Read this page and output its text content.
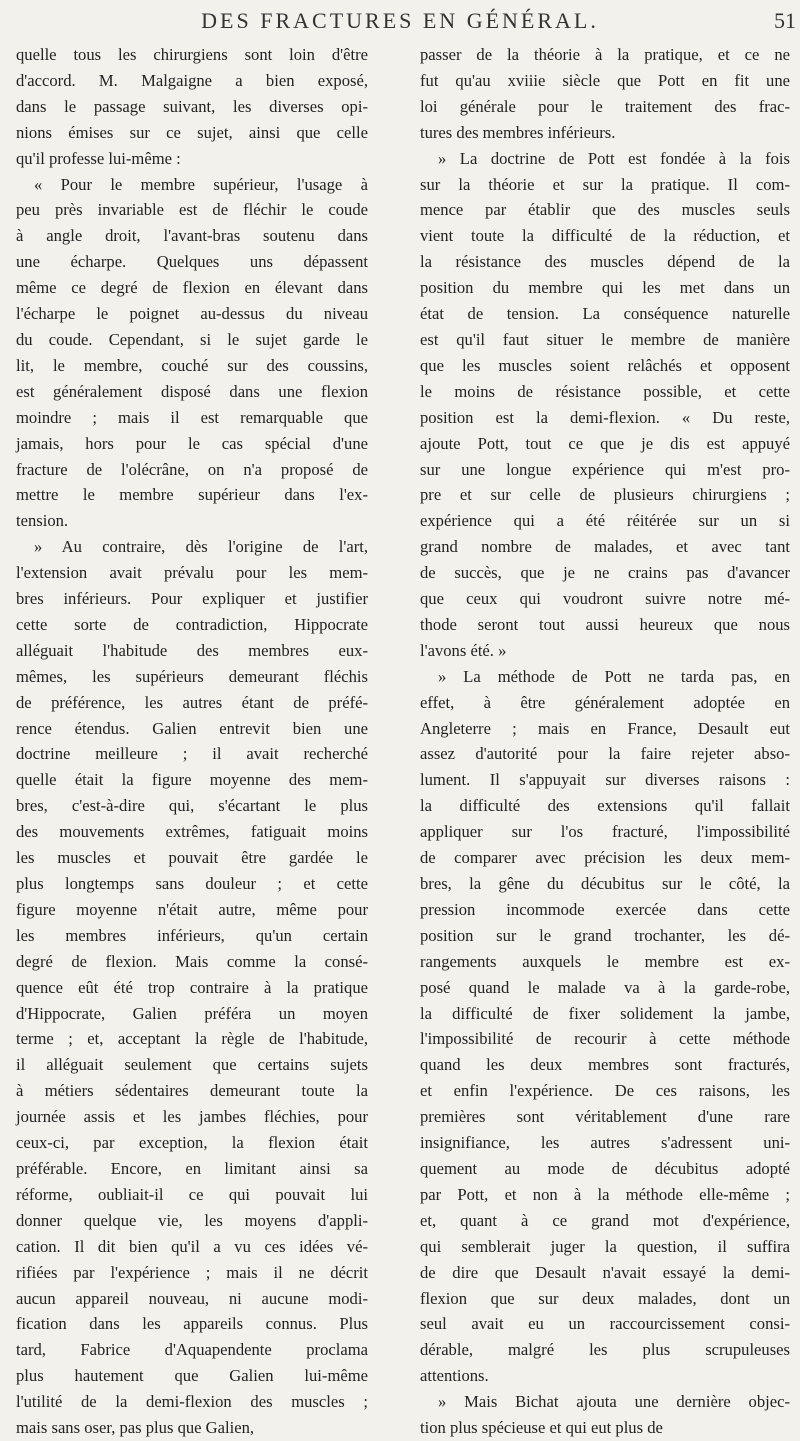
DES FRACTURES EN GÉNÉRAL.	51

quelle tous les chirurgiens sont loin d'être
d'accord. M. Malgaigne a bien exposé,
dans le passage suivant, les diverses opi-
nions émises sur ce sujet, ainsi que celle
qu'il professe lui-même :

« Pour le membre supérieur, l'usage à
peu près invariable est de fléchir le coude
à angle droit, l'avant-bras soutenu dans
une écharpe. Quelques uns dépassent
même ce degré de flexion en élevant dans
l'écharpe le poignet au-dessus du niveau
du coude. Cependant, si le sujet garde le
lit, le membre, couché sur des coussins,
est généralement disposé dans une flexion
moindre ; mais il est remarquable que
jamais, hors pour le cas spécial d'une
fracture de l'olécrâne, on n'a proposé de
mettre le membre supérieur dans l'ex-
tension.

» Au contraire, dès l'origine de l'art,
l'extension avait prévalu pour les mem-
bres inférieurs. Pour expliquer et justifier
cette sorte de contradiction, Hippocrate
alléguait l'habitude des membres eux-
mêmes, les supérieurs demeurant fléchis
de préférence, les autres étant de préfé-
rence étendus. Galien entrevit bien une
doctrine meilleure ; il avait recherché
quelle était la figure moyenne des mem-
bres, c'est-à-dire qui, s'écartant le plus
des mouvements extrêmes, fatiguait moins
les muscles et pouvait être gardée le
plus longtemps sans douleur ; et cette
figure moyenne n'était autre, même pour
les membres inférieurs, qu'un certain
degré de flexion. Mais comme la consé-
quence eût été trop contraire à la pratique
d'Hippocrate, Galien préféra un moyen
terme ; et, acceptant la règle de l'habitude,
il alléguait seulement que certains sujets
à métiers sédentaires demeurant toute la
journée assis et les jambes fléchies, pour
ceux-ci, par exception, la flexion était
préférable. Encore, en limitant ainsi sa
réforme, oubliait-il ce qui pouvait lui
donner quelque vie, les moyens d'appli-
cation. Il dit bien qu'il a vu ces idées vé-
rifiées par l'expérience ; mais il ne décrit
aucun appareil nouveau, ni aucune modi-
fication dans les appareils connus. Plus
tard, Fabrice d'Aquapendente proclama
plus hautement que Galien lui-même
l'utilité de la demi-flexion des muscles ;
mais sans oser, pas plus que Galien,

passer de la théorie à la pratique, et ce ne
fut qu'au xviiie siècle que Pott en fit une
loi générale pour le traitement des frac-
tures des membres inférieurs.

» La doctrine de Pott est fondée à la fois
sur la théorie et sur la pratique. Il com-
mence par établir que des muscles seuls
vient toute la difficulté de la réduction, et
la résistance des muscles dépend de la
position du membre qui les met dans un
état de tension. La conséquence naturelle
est qu'il faut situer le membre de manière
que les muscles soient relâchés et opposent
le moins de résistance possible, et cette
position est la demi-flexion. « Du reste,
ajoute Pott, tout ce que je dis est appuyé
sur une longue expérience qui m'est pro-
pre et sur celle de plusieurs chirurgiens ;
expérience qui a été réitérée sur un si
grand nombre de malades, et avec tant
de succès, que je ne crains pas d'avancer
que ceux qui voudront suivre notre mé-
thode seront tout aussi heureux que nous
l'avons été. »

» La méthode de Pott ne tarda pas, en
effet, à être généralement adoptée en
Angleterre ; mais en France, Desault eut
assez d'autorité pour la faire rejeter abso-
lument. Il s'appuyait sur diverses raisons :
la difficulté des extensions qu'il fallait
appliquer sur l'os fracturé, l'impossibilité
de comparer avec précision les deux mem-
bres, la gêne du décubitus sur le côté, la
pression incommode exercée dans cette
position sur le grand trochanter, les dé-
rangements auxquels le membre est ex-
posé quand le malade va à la garde-robe,
la difficulté de fixer solidement la jambe,
l'impossibilité de recourir à cette méthode
quand les deux membres sont fracturés,
et enfin l'expérience. De ces raisons, les
premières sont véritablement d'une rare
insignifiance, les autres s'adressent uni-
quement au mode de décubitus adopté
par Pott, et non à la méthode elle-même ;
et, quant à ce grand mot d'expérience,
qui semblerait juger la question, il suffira
de dire que Desault n'avait essayé la demi-
flexion que sur deux malades, dont un
seul avait eu un raccourcissement consi-
dérable, malgré les plus scrupuleuses
attentions.

» Mais Bichat ajouta une dernière objec-
tion plus spécieuse et qui eut plus de
